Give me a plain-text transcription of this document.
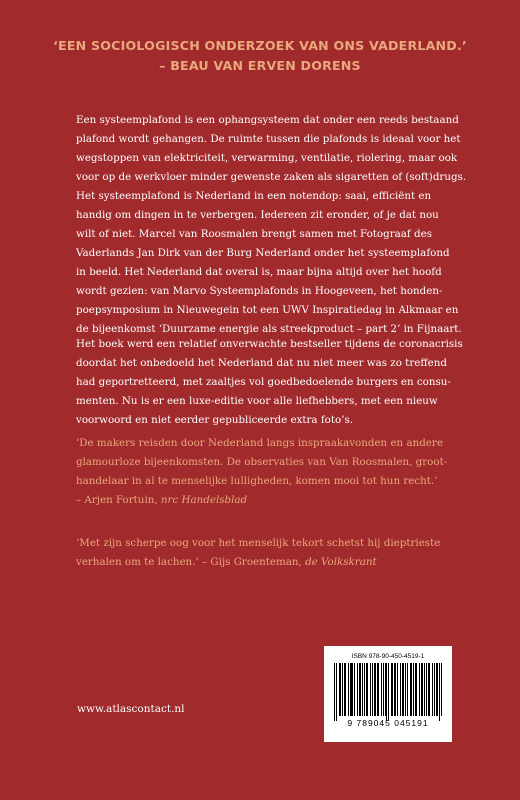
‘EEN SOCIOLOGISCH ONDERZOEK VAN ONS VADERLAND.’
– BEAU VAN ERVEN DORENS
Een systeemplafond is een ophangsysteem dat onder een reeds bestaand
plafond wordt gehangen. De ruimte tussen die plafonds is ideaal voor het
wegstoppen van elektriciteit, verwarming, ventilatie, riolering, maar ook
voor op de werkvloer minder gewenste zaken als sigaretten of (soft)drugs.
Het systeemplafond is Nederland in een notendop: saai, efficiënt en
handig om dingen in te verbergen. Iedereen zit eronder, of je dat nou
wilt of niet. Marcel van Roosmalen brengt samen met Fotograaf des
Vaderlands Jan Dirk van der Burg Nederland onder het systeemplafond
in beeld. Het Nederland dat overal is, maar bijna altijd over het hoofd
wordt gezien: van Marvo Systeemplafonds in Hoogeveen, het honden-
poepsymposium in Nieuwegein tot een UWV Inspiratiedag in Alkmaar en
de bijeenkomst ‘Duurzame energie als streekproduct – part 2’ in Fijnaart.
Het boek werd een relatief onverwachte bestseller tijdens de coronacrisis
doordat het onbedoeld het Nederland dat nu niet meer was zo treffend
had geportretteerd, met zaaltjes vol goedbedoelende burgers en consu-
menten. Nu is er een luxe-editie voor alle liefhebbers, met een nieuw
voorwoord en niet eerder gepubliceerde extra foto’s.
‘De makers reisden door Nederland langs inspraakavonden en andere
glamourloze bijeenkomsten. De observaties van Van Roosmalen, groot-
handelaar in al te menselijke lulligheden, komen mooi tot hun recht.’
– Arjen Fortuin, nrc Handelsblad
‘Met zijn scherpe oog voor het menselijk tekort schetst hij dieptrieste
verhalen om te lachen.’ – Gijs Groenteman, de Volkskrant
ISBN 978-90-450-4519-1
9 789045 045191
www.atlascontact.nl
